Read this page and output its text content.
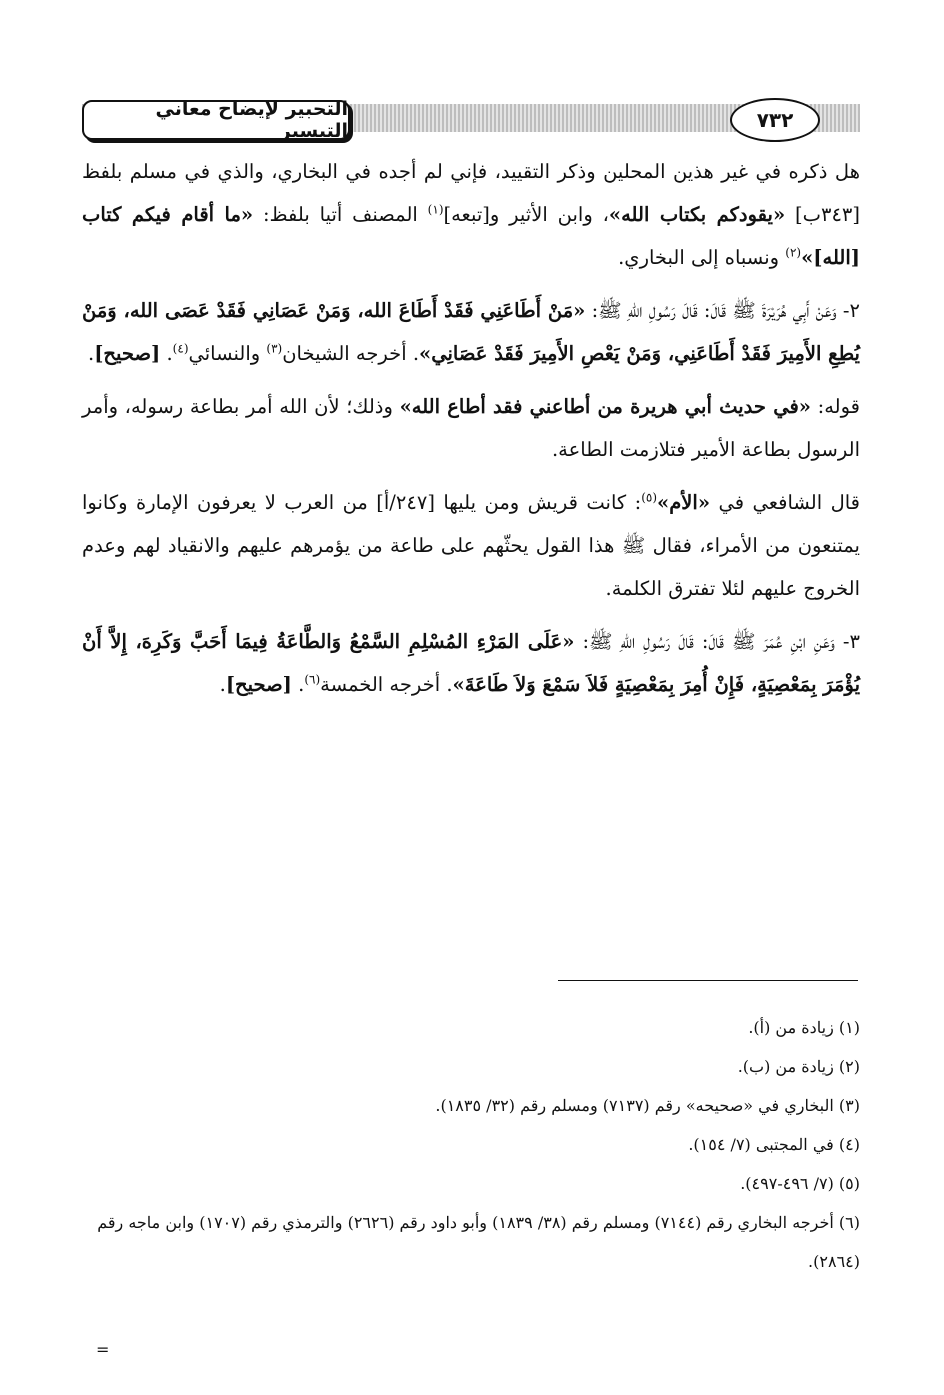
التحبير لإيضاح معاني التيسير	٧٣٢

هل ذكره في غير هذين المحلين وذكر التقييد، فإني لم أجده في البخاري، والذي في مسلم بلفظ [٣٤٣ب] «يقودكم بكتاب الله»، وابن الأثير و[تبعه]$^{(١)}$ المصنف أتيا بلفظ: «ما أقام فيكم كتاب [الله]»$^{(٢)}$ ونسباه إلى البخاري.

٢- وَعَنْ أَبِي هُرَيْرَةَ ﷺ قَالَ: قَالَ رَسُولِ اللهِ ﷺ: «مَنْ أَطَاعَنِي فَقَدْ أَطَاعَ الله، وَمَنْ عَصَانِي فَقَدْ عَصَى الله، وَمَنْ يُطِعِ الأَمِيرَ فَقَدْ أَطَاعَنِي، وَمَنْ يَعْصِ الأَمِيرَ فَقَدْ عَصَانِي». أخرجه الشيخان$^{(٣)}$ والنسائي$^{(٤)}$. [صحيح].

قوله: «في حديث أبي هريرة من أطاعني فقد أطاع الله» وذلك؛ لأن الله أمر بطاعة رسوله، وأمر الرسول بطاعة الأمير فتلازمت الطاعة.

قال الشافعي في «الأم»$^{(٥)}$: كانت قريش ومن يليها [٢٤٧/أ] من العرب لا يعرفون الإمارة وكانوا يمتنعون من الأمراء، فقال ﷺ هذا القول يحثّهم على طاعة من يؤمرهم عليهم والانقياد لهم وعدم الخروج عليهم لئلا تفترق الكلمة.

٣- وَعَنِ ابْنِ عُمَرَ ﷺ قَالَ: قَالَ رَسُولِ اللهِ ﷺ: «عَلَى المَرْءِ المُسْلِمِ السَّمْعُ وَالطَّاعَةُ فِيمَا أَحَبَّ وَكَرِهَ، إِلاَّ أَنْ يُؤْمَرَ بِمَعْصِيَةٍ، فَإِنْ أُمِرَ بِمَعْصِيَةٍ فَلاَ سَمْعَ وَلاَ طَاعَةَ». أخرجه الخمسة$^{(٦)}$. [صحيح].

(١) زيادة من (أ).
(٢) زيادة من (ب).
(٣) البخاري في «صحيحه» رقم (٧١٣٧) ومسلم رقم (٣٢/ ١٨٣٥).
(٤) في المجتبى (٧/ ١٥٤).
(٥) (٧/ ٤٩٦-٤٩٧).
(٦) أخرجه البخاري رقم (٧١٤٤) ومسلم رقم (٣٨/ ١٨٣٩) وأبو داود رقم (٢٦٢٦) والترمذي رقم (١٧٠٧) وابن ماجه رقم (٢٨٦٤).
=
